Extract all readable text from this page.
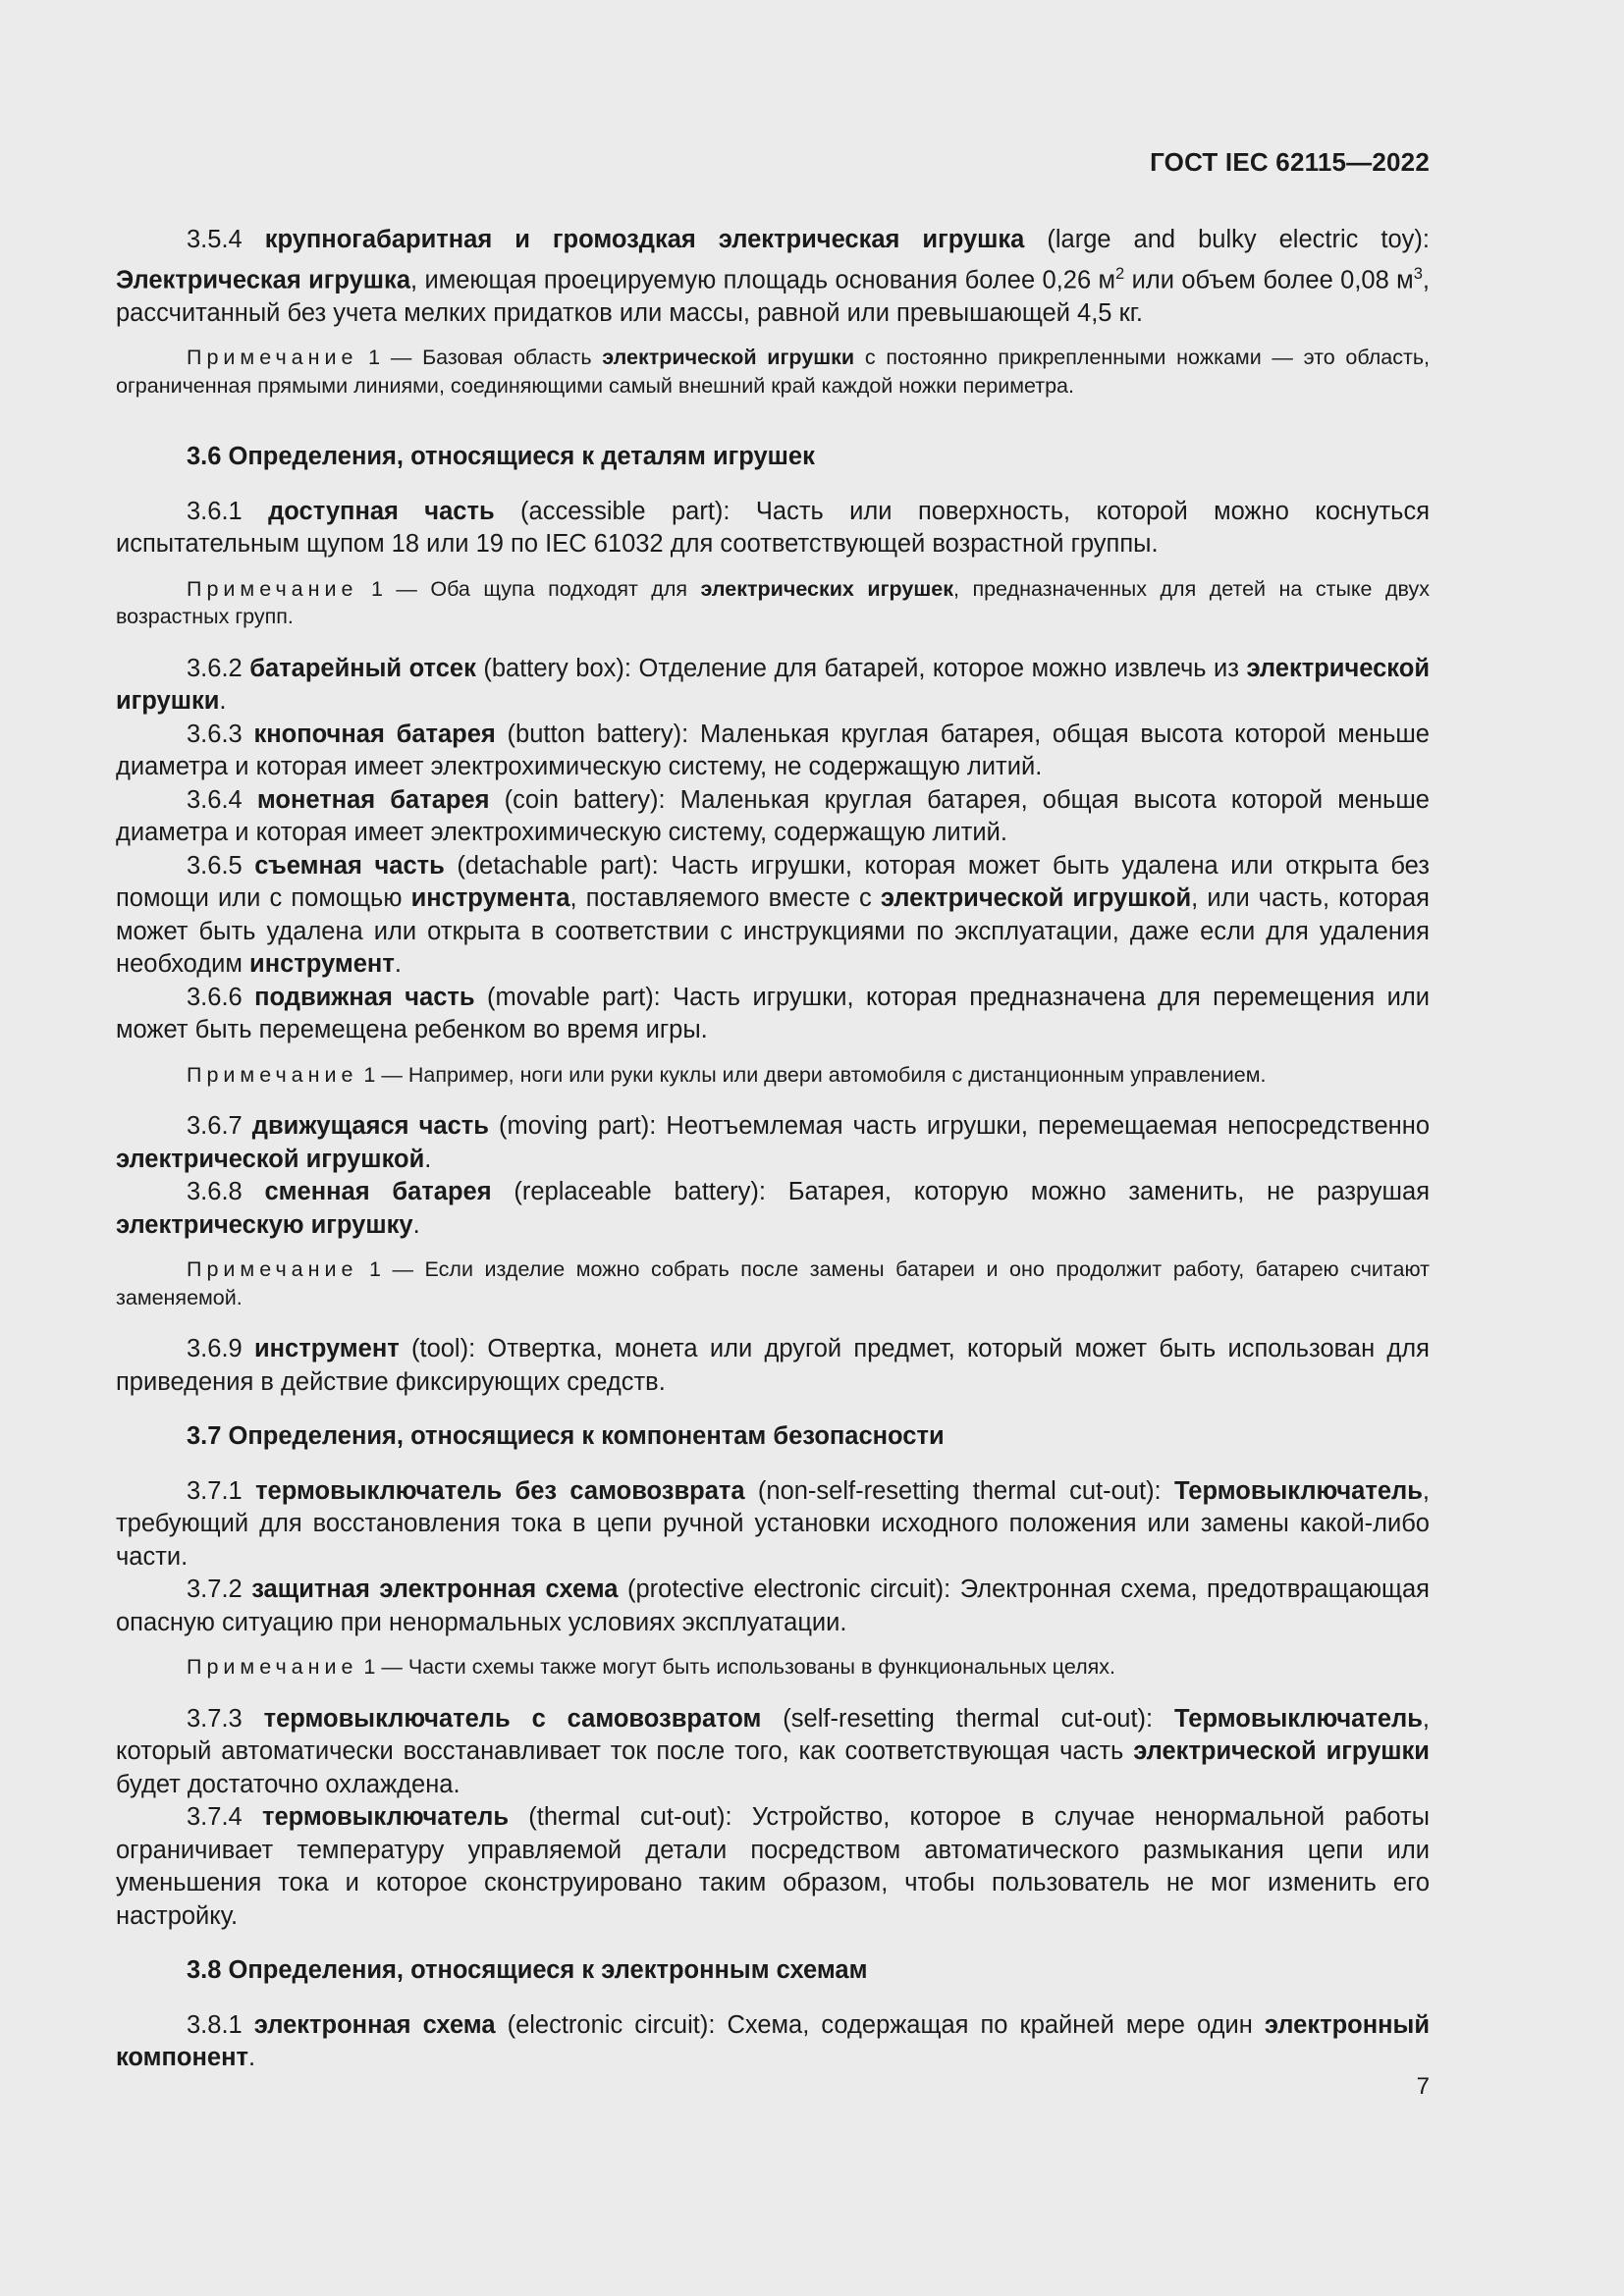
ГОСТ IEC 62115—2022

3.5.4 крупногабаритная и громоздкая электрическая игрушка (large and bulky electric toy): Электрическая игрушка, имеющая проецируемую площадь основания более 0,26 $м^2$ или объем более 0,08 $м^3$, рассчитанный без учета мелких придатков или массы, равной или превышающей 4,5 кг.

Примечание 1 — Базовая область электрической игрушки с постоянно прикрепленными ножками — это область, ограниченная прямыми линиями, соединяющими самый внешний край каждой ножки периметра.

3.6 Определения, относящиеся к деталям игрушек

3.6.1 доступная часть (accessible part): Часть или поверхность, которой можно коснуться испытательным щупом 18 или 19 по IEC 61032 для соответствующей возрастной группы.

Примечание 1 — Оба щупа подходят для электрических игрушек, предназначенных для детей на стыке двух возрастных групп.

3.6.2 батарейный отсек (battery box): Отделение для батарей, которое можно извлечь из электрической игрушки.

3.6.3 кнопочная батарея (button battery): Маленькая круглая батарея, общая высота которой меньше диаметра и которая имеет электрохимическую систему, не содержащую литий.

3.6.4 монетная батарея (coin battery): Маленькая круглая батарея, общая высота которой меньше диаметра и которая имеет электрохимическую систему, содержащую литий.

3.6.5 съемная часть (detachable part): Часть игрушки, которая может быть удалена или открыта без помощи или с помощью инструмента, поставляемого вместе с электрической игрушкой, или часть, которая может быть удалена или открыта в соответствии с инструкциями по эксплуатации, даже если для удаления необходим инструмент.

3.6.6 подвижная часть (movable part): Часть игрушки, которая предназначена для перемещения или может быть перемещена ребенком во время игры.

Примечание 1 — Например, ноги или руки куклы или двери автомобиля с дистанционным управлением.

3.6.7 движущаяся часть (moving part): Неотъемлемая часть игрушки, перемещаемая непосредственно электрической игрушкой.

3.6.8 сменная батарея (replaceable battery): Батарея, которую можно заменить, не разрушая электрическую игрушку.

Примечание 1 — Если изделие можно собрать после замены батареи и оно продолжит работу, батарею считают заменяемой.

3.6.9 инструмент (tool): Отвертка, монета или другой предмет, который может быть использован для приведения в действие фиксирующих средств.

3.7 Определения, относящиеся к компонентам безопасности

3.7.1 термовыключатель без самовозврата (non-self-resetting thermal cut-out): Термовыключатель, требующий для восстановления тока в цепи ручной установки исходного положения или замены какой-либо части.

3.7.2 защитная электронная схема (protective electronic circuit): Электронная схема, предотвращающая опасную ситуацию при ненормальных условиях эксплуатации.

Примечание 1 — Части схемы также могут быть использованы в функциональных целях.

3.7.3 термовыключатель с самовозвратом (self-resetting thermal cut-out): Термовыключатель, который автоматически восстанавливает ток после того, как соответствующая часть электрической игрушки будет достаточно охлаждена.

3.7.4 термовыключатель (thermal cut-out): Устройство, которое в случае ненормальной работы ограничивает температуру управляемой детали посредством автоматического размыкания цепи или уменьшения тока и которое сконструировано таким образом, чтобы пользователь не мог изменить его настройку.

3.8 Определения, относящиеся к электронным схемам

3.8.1 электронная схема (electronic circuit): Схема, содержащая по крайней мере один электронный компонент.

7
